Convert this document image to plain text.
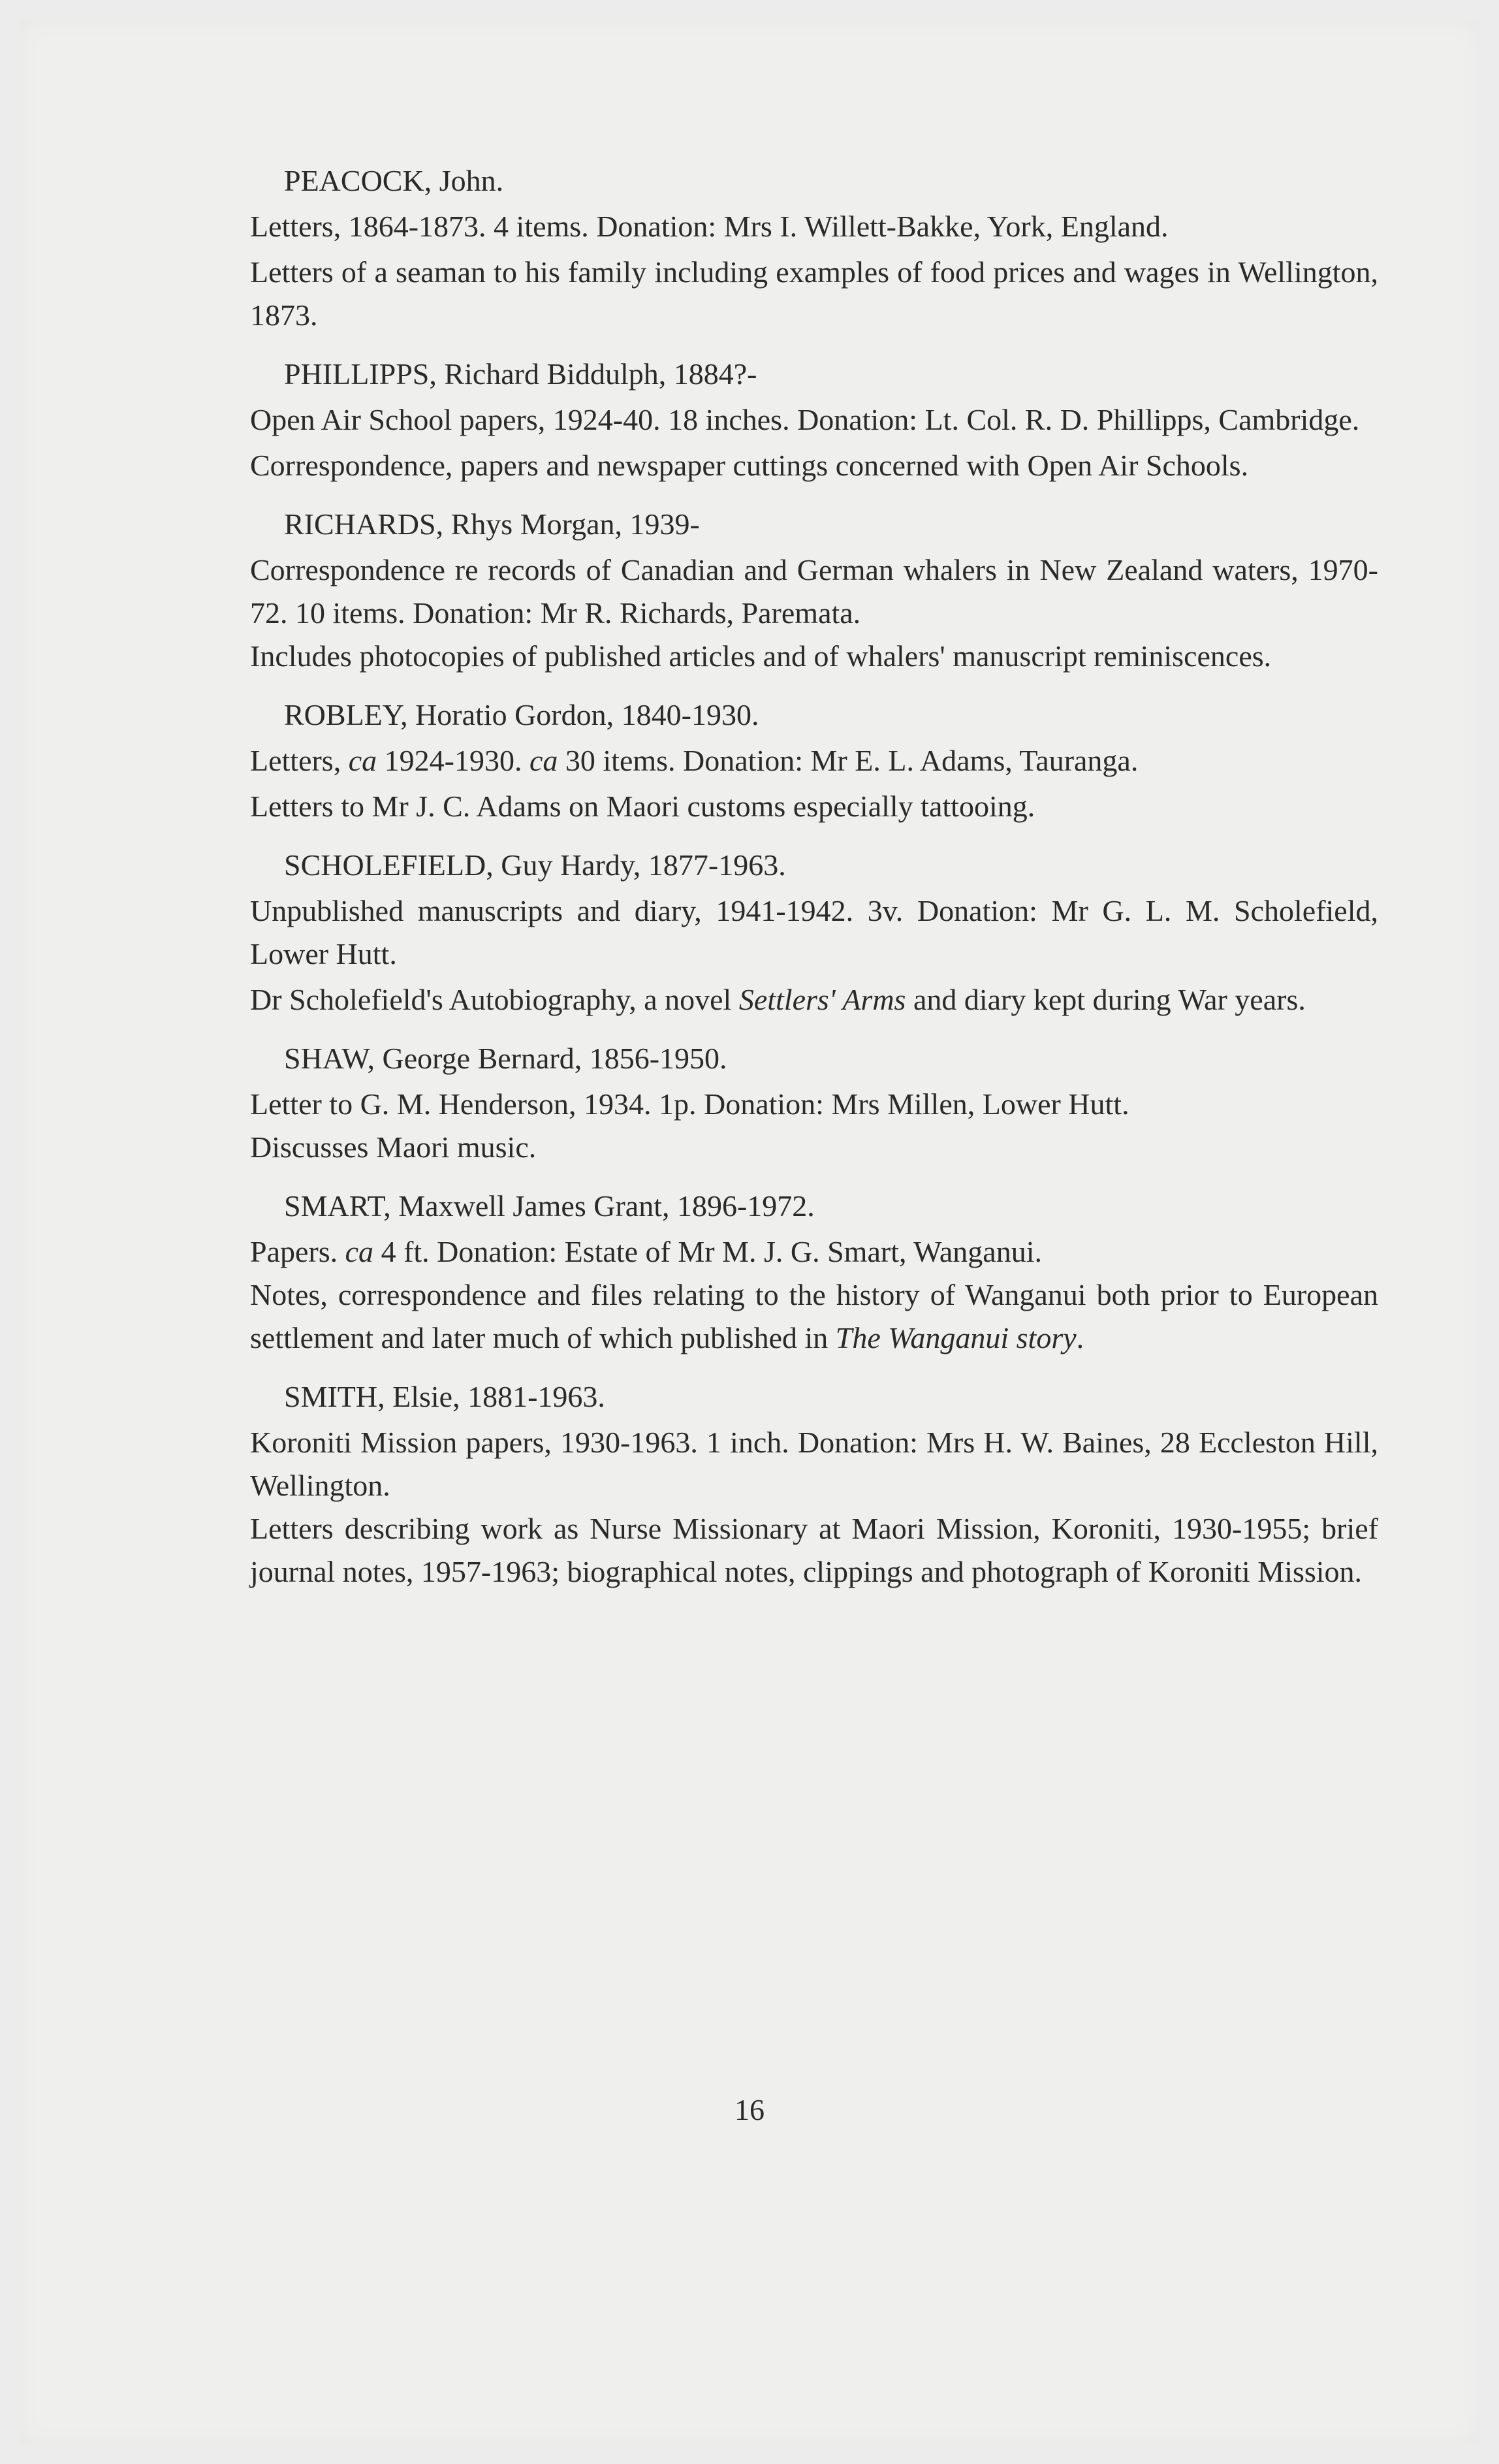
PEACOCK, John.

Letters, 1864-1873. 4 items. Donation: Mrs I. Willett-Bakke, York, England.

Letters of a seaman to his family including examples of food prices and wages in Wellington, 1873.

PHILLIPPS, Richard Biddulph, 1884?-

Open Air School papers, 1924-40. 18 inches. Donation: Lt. Col. R. D. Phillipps, Cambridge.

Correspondence, papers and newspaper cuttings concerned with Open Air Schools.

RICHARDS, Rhys Morgan, 1939-

Correspondence re records of Canadian and German whalers in New Zealand waters, 1970-72. 10 items. Donation: Mr R. Richards, Paremata.

Includes photocopies of published articles and of whalers' manuscript reminiscences.

ROBLEY, Horatio Gordon, 1840-1930.

Letters, ca 1924-1930. ca 30 items. Donation: Mr E. L. Adams, Tauranga.

Letters to Mr J. C. Adams on Maori customs especially tattooing.

SCHOLEFIELD, Guy Hardy, 1877-1963.

Unpublished manuscripts and diary, 1941-1942. 3v. Donation: Mr G. L. M. Scholefield, Lower Hutt.

Dr Scholefield's Autobiography, a novel Settlers' Arms and diary kept during War years.

SHAW, George Bernard, 1856-1950.

Letter to G. M. Henderson, 1934. 1p. Donation: Mrs Millen, Lower Hutt.

Discusses Maori music.

SMART, Maxwell James Grant, 1896-1972.

Papers. ca 4 ft. Donation: Estate of Mr M. J. G. Smart, Wanganui.

Notes, correspondence and files relating to the history of Wanganui both prior to European settlement and later much of which published in The Wanganui story.

SMITH, Elsie, 1881-1963.

Koroniti Mission papers, 1930-1963. 1 inch. Donation: Mrs H. W. Baines, 28 Eccleston Hill, Wellington.

Letters describing work as Nurse Missionary at Maori Mission, Koroniti, 1930-1955; brief journal notes, 1957-1963; biographical notes, clippings and photograph of Koroniti Mission.

16
